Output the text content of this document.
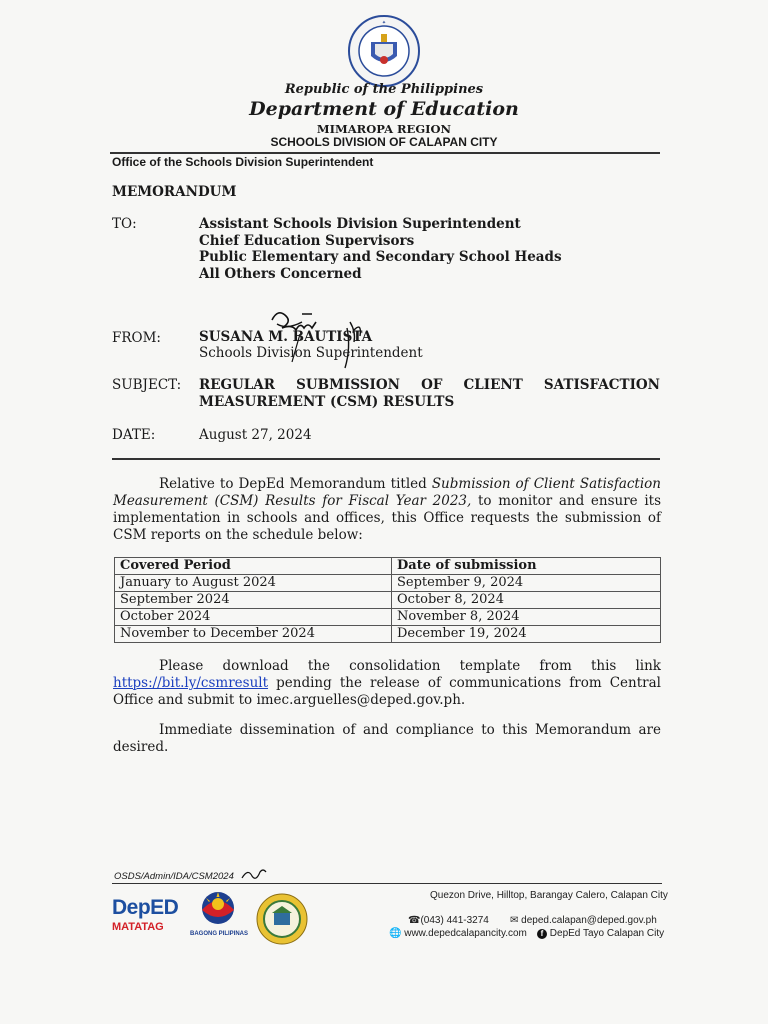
✦
Republic of the Philippines
Department of Education
MIMAROPA REGION
SCHOOLS DIVISION OF CALAPAN CITY
Office of the Schools Division Superintendent
MEMORANDUM
TO:	Assistant Schools Division Superintendent
Chief Education Supervisors
Public Elementary and Secondary School Heads
All Others Concerned
FROM:	SUSANA M. BAUTISTA
Schools Division Superintendent
SUBJECT: REGULAR SUBMISSION OF CLIENT SATISFACTION
MEASUREMENT (CSM) RESULTS
DATE:	August 27, 2024

Relative to DepEd Memorandum titled Submission of Client Satisfaction Measurement (CSM) Results for Fiscal Year 2023, to monitor and ensure its implementation in schools and offices, this Office requests the submission of CSM reports on the schedule below:

Covered Period	Date of submission
January to August 2024	September 9, 2024
September 2024	October 8, 2024
October 2024	November 8, 2024
November to December 2024	December 19, 2024

Please download the consolidation template from this link https://bit.ly/csmresult pending the release of communications from Central Office and submit to imec.arguelles@deped.gov.ph.

Immediate dissemination of and compliance to this Memorandum are desired.

OSDS/Admin/IDA/CSM2024
DepED
MATATAG
BAGONG PILIPINAS
Quezon Drive, Hilltop, Barangay Calero, Calapan City
☎(043) 441-3274 ✉ deped.calapan@deped.gov.ph
🌐 www.depedcalapancity.com	f DepEd Tayo Calapan City
